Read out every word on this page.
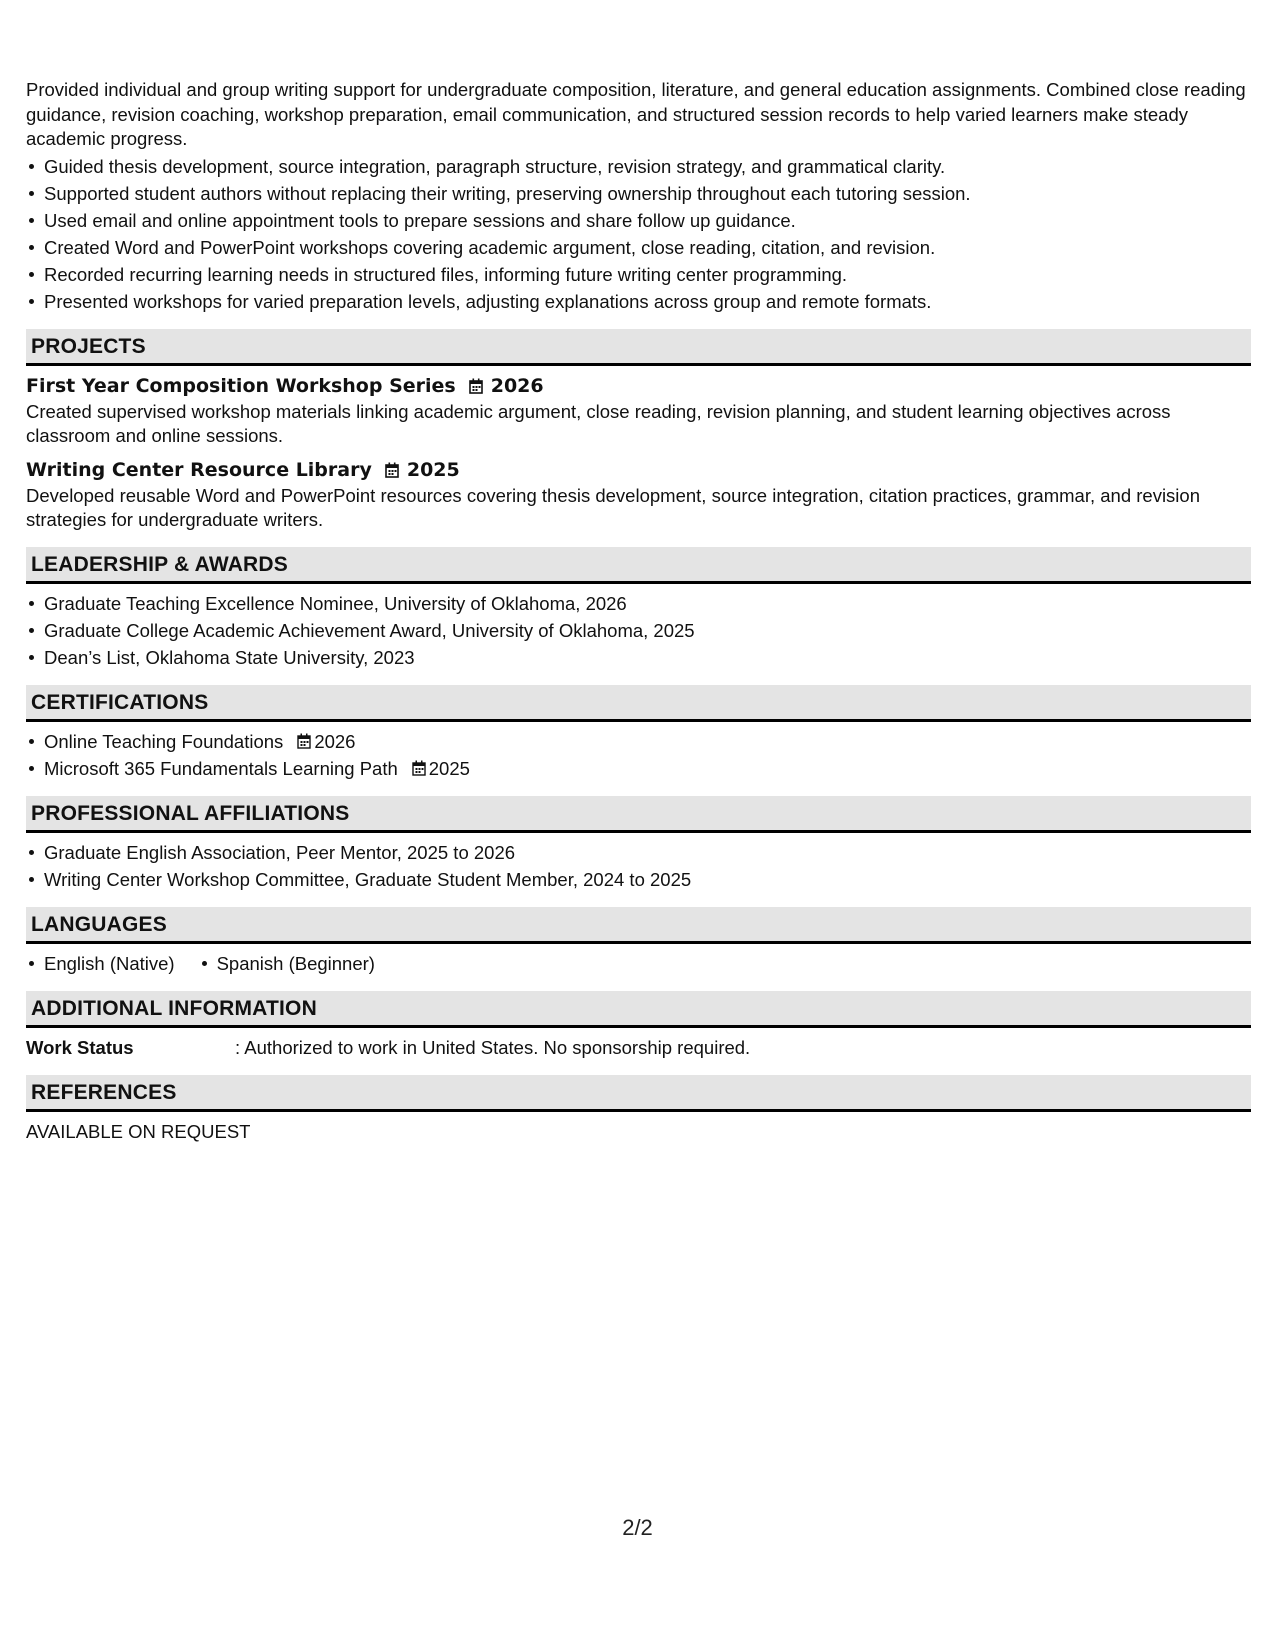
Provided individual and group writing support for undergraduate composition, literature, and general education assignments. Combined close reading guidance, revision coaching, workshop preparation, email communication, and structured session records to help varied learners make steady academic progress.
Guided thesis development, source integration, paragraph structure, revision strategy, and grammatical clarity.
Supported student authors without replacing their writing, preserving ownership throughout each tutoring session.
Used email and online appointment tools to prepare sessions and share follow up guidance.
Created Word and PowerPoint workshops covering academic argument, close reading, citation, and revision.
Recorded recurring learning needs in structured files, informing future writing center programming.
Presented workshops for varied preparation levels, adjusting explanations across group and remote formats.
PROJECTS
First Year Composition Workshop Series 2026
Created supervised workshop materials linking academic argument, close reading, revision planning, and student learning objectives across classroom and online sessions.
Writing Center Resource Library 2025
Developed reusable Word and PowerPoint resources covering thesis development, source integration, citation practices, grammar, and revision strategies for undergraduate writers.
LEADERSHIP & AWARDS
Graduate Teaching Excellence Nominee, University of Oklahoma, 2026
Graduate College Academic Achievement Award, University of Oklahoma, 2025
Dean’s List, Oklahoma State University, 2023
CERTIFICATIONS
Online Teaching Foundations 2026
Microsoft 365 Fundamentals Learning Path 2025
PROFESSIONAL AFFILIATIONS
Graduate English Association, Peer Mentor, 2025 to 2026
Writing Center Workshop Committee, Graduate Student Member, 2024 to 2025
LANGUAGES
English (Native) Spanish (Beginner)
ADDITIONAL INFORMATION
Work Status	: Authorized to work in United States. No sponsorship required.
REFERENCES
AVAILABLE ON REQUEST
2/2
